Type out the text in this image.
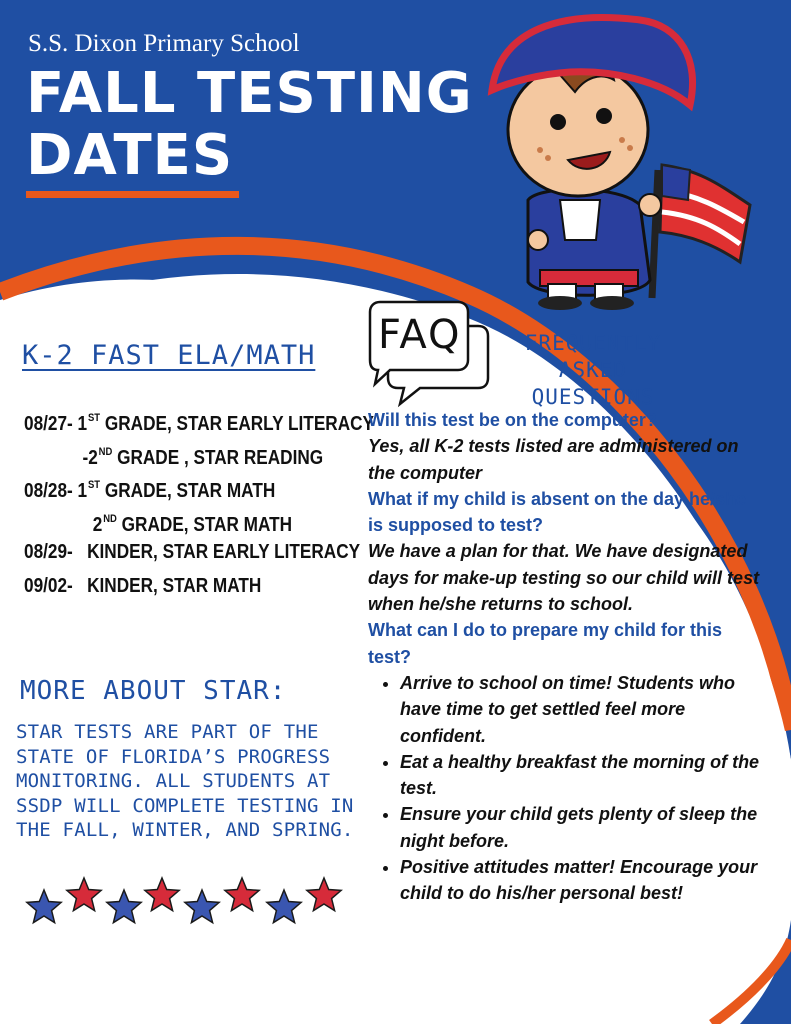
S.S. Dixon Primary School
FALL TESTING
DATES
FAQ	FREQUENTLY
ASKED QUESTIONS
K-2 FAST ELA/MATH
08/27- 1ST GRADE, STAR EARLY LITERACY
-2ND GRADE , STAR READING
08/28- 1ST GRADE, STAR MATH
2ND GRADE, STAR MATH
08/29-   KINDER, STAR EARLY LITERACY
09/02-   KINDER, STAR MATH
MORE ABOUT STAR:
STAR TESTS ARE PART OF THE STATE OF FLORIDA’S PROGRESS MONITORING. ALL STUDENTS AT SSDP WILL COMPLETE TESTING IN THE FALL, WINTER, AND SPRING.
Will this test be on the computer?
Yes, all K-2 tests listed are administered on the computer
What if my child is absent on the day he/she is supposed to test?
We have a plan for that. We have designated days for make-up testing so our child will test when he/she returns to school.
What can I do to prepare my child for this test?
• Arrive to school on time! Students who have time to get settled feel more confident.
• Eat a healthy breakfast the morning of the test.
• Ensure your child gets plenty of sleep the night before.
• Positive attitudes matter! Encourage your child to do his/her personal best!
